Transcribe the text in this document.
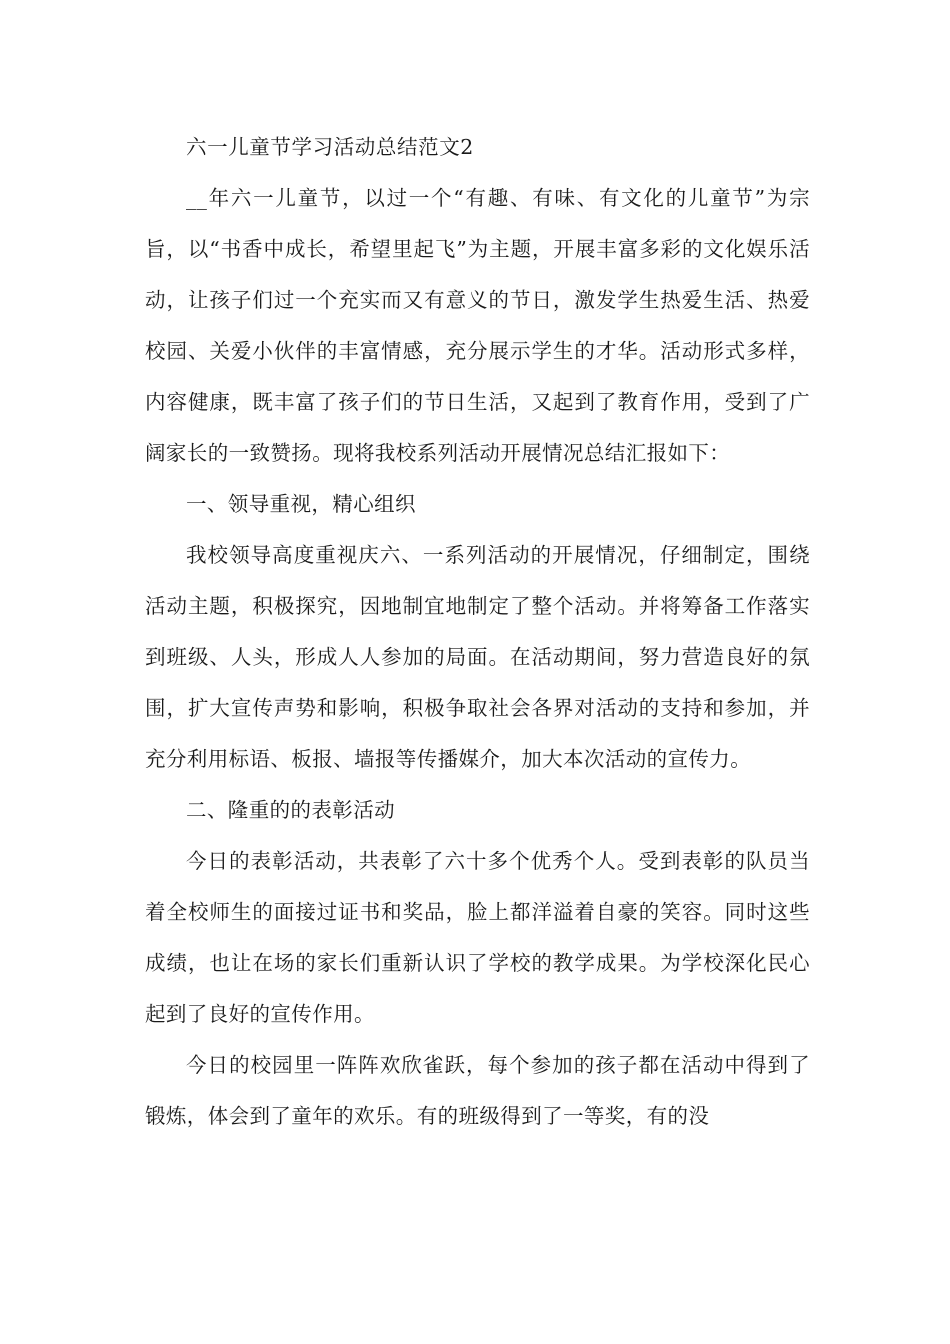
六一儿童节学习活动总结范文2

__年六一儿童节，以过一个“有趣、有味、有文化的儿童节”为宗旨，以“书香中成长，希望里起飞”为主题，开展丰富多彩的文化娱乐活动，让孩子们过一个充实而又有意义的节日，激发学生热爱生活、热爱校园、关爱小伙伴的丰富情感，充分展示学生的才华。活动形式多样，内容健康，既丰富了孩子们的节日生活，又起到了教育作用，受到了广阔家长的一致赞扬。现将我校系列活动开展情况总结汇报如下：

一、领导重视，精心组织

我校领导高度重视庆六、一系列活动的开展情况，仔细制定，围绕活动主题，积极探究，因地制宜地制定了整个活动。并将筹备工作落实到班级、人头，形成人人参加的局面。在活动期间，努力营造良好的氛围，扩大宣传声势和影响，积极争取社会各界对活动的支持和参加，并充分利用标语、板报、墙报等传播媒介，加大本次活动的宣传力。

二、隆重的的表彰活动

今日的表彰活动，共表彰了六十多个优秀个人。受到表彰的队员当着全校师生的面接过证书和奖品，脸上都洋溢着自豪的笑容。同时这些成绩，也让在场的家长们重新认识了学校的教学成果。为学校深化民心起到了良好的宣传作用。

今日的校园里一阵阵欢欣雀跃，每个参加的孩子都在活动中得到了锻炼，体会到了童年的欢乐。有的班级得到了一等奖，有的没
